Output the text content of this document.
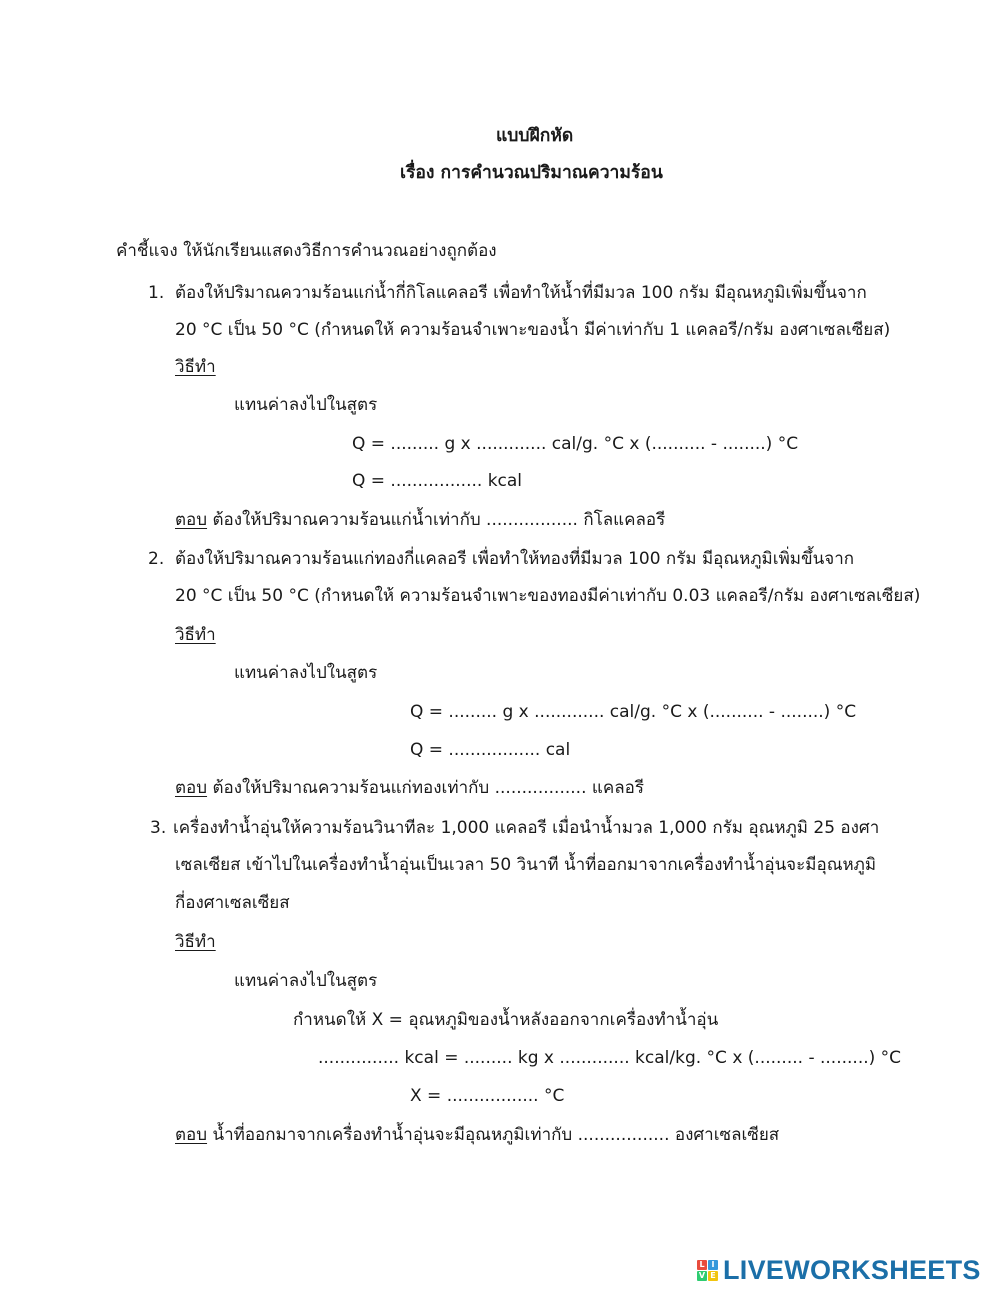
แบบฝึกหัด
เรื่อง การคำนวณปริมาณความร้อน
คำชี้แจง ให้นักเรียนแสดงวิธีการคำนวณอย่างถูกต้อง
1. ต้องให้ปริมาณความร้อนแก่น้ำกี่กิโลแคลอรี เพื่อทำให้น้ำที่มีมวล 100 กรัม มีอุณหภูมิเพิ่มขึ้นจาก
20 °C เป็น 50 °C (กำหนดให้ ความร้อนจำเพาะของน้ำ มีค่าเท่ากับ 1 แคลอรี/กรัม องศาเซลเซียส)
วิธีทำ
แทนค่าลงไปในสูตร
Q = ......... g x ............. cal/g. °C x (.......... - ........) °C
Q = ................. kcal
ตอบ ต้องให้ปริมาณความร้อนแก่น้ำเท่ากับ ................. กิโลแคลอรี
2. ต้องให้ปริมาณความร้อนแก่ทองกี่แคลอรี เพื่อทำให้ทองที่มีมวล 100 กรัม มีอุณหภูมิเพิ่มขึ้นจาก
20 °C เป็น 50 °C (กำหนดให้ ความร้อนจำเพาะของทองมีค่าเท่ากับ 0.03 แคลอรี/กรัม องศาเซลเซียส)
วิธีทำ
แทนค่าลงไปในสูตร
Q = ......... g x ............. cal/g. °C x (.......... - ........) °C
Q = ................. cal
ตอบ ต้องให้ปริมาณความร้อนแก่ทองเท่ากับ ................. แคลอรี
3. เครื่องทำน้ำอุ่นให้ความร้อนวินาทีละ 1,000 แคลอรี เมื่อนำน้ำมวล 1,000 กรัม อุณหภูมิ 25 องศา
เซลเซียส เข้าไปในเครื่องทำน้ำอุ่นเป็นเวลา 50 วินาที น้ำที่ออกมาจากเครื่องทำน้ำอุ่นจะมีอุณหภูมิ
กี่องศาเซลเซียส
วิธีทำ
แทนค่าลงไปในสูตร
กำหนดให้ X = อุณหภูมิของน้ำหลังออกจากเครื่องทำน้ำอุ่น
............... kcal = ......... kg x ............. kcal/kg. °C x (......... - .........) °C
X = ................. °C
ตอบ น้ำที่ออกมาจากเครื่องทำน้ำอุ่นจะมีอุณหภูมิเท่ากับ ................. องศาเซลเซียส
L I
V E LIVEWORKSHEETS
